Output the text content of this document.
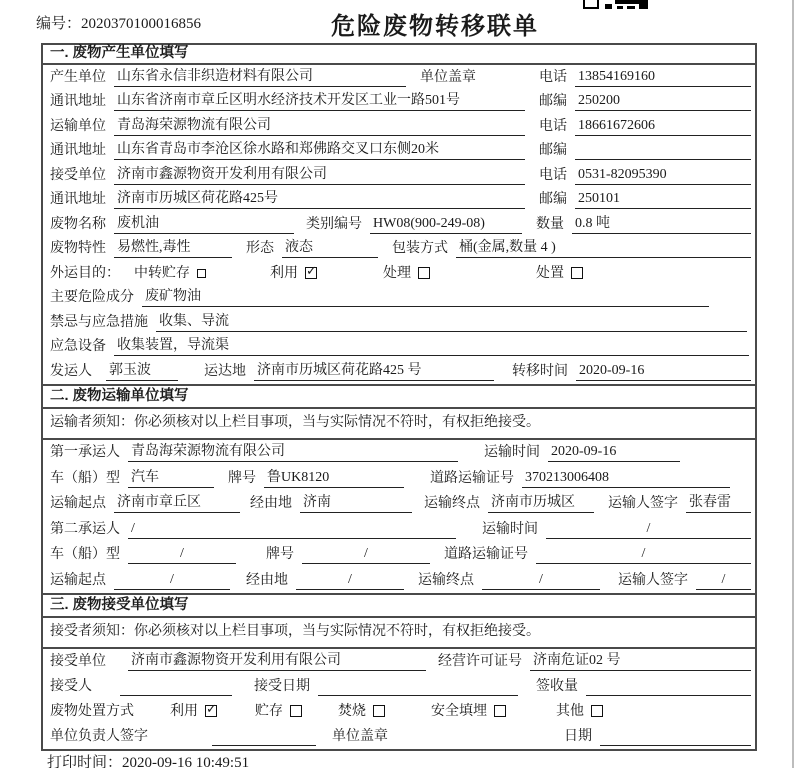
编号：2020370100016856	危险废物转移联单
一. 废物产生单位填写
产生单位 山东省永信非织造材料有限公司	单位盖章	电话 13854169160
通讯地址 山东省济南市章丘区明水经济技术开发区工业一路501号	邮编 250200
运输单位 青岛海荣源物流有限公司	电话 18661672606
通讯地址 山东省青岛市李沧区徐水路和郑佛路交叉口东侧20米	邮编
接受单位 济南市鑫源物资开发利用有限公司	电话 0531-82095390
通讯地址 济南市历城区荷花路425号	邮编 250101
废物名称 废机油	类别编号 HW08(900-249-08)	数量 0.8 吨
废物特性 易燃性,毒性	形态 液态	包装方式 桶(金属,数量 4 )
外运目的： 中转贮存	利用 ✓	处理	处置
主要危险成分 废矿物油
禁忌与应急措施 收集、导流
应急设备 收集装置，导流渠
发运人 郭玉波	运达地 济南市历城区荷花路425 号	转移时间 2020-09-16
二. 废物运输单位填写
运输者须知：你必须核对以上栏目事项，当与实际情况不符时，有权拒绝接受。
第一承运人 青岛海荣源物流有限公司	运输时间 2020-09-16
车（船）型 汽车	牌号 鲁UK8120	道路运输证号 370213006408
运输起点 济南市章丘区	经由地 济南	运输终点 济南市历城区	运输人签字 张春雷
第二承运人 /	运输时间	/
车（船）型	/	牌号	/	道路运输证号	/
运输起点	/	经由地	/	运输终点	/	运输人签字	/
三. 废物接受单位填写
接受者须知：你必须核对以上栏目事项，当与实际情况不符时，有权拒绝接受。
接受单位 济南市鑫源物资开发利用有限公司	经营许可证号 济南危证02 号
接受人	接受日期	签收量
废物处置方式	利用 ✓	贮存	焚烧	安全填埋	其他
单位负责人签字	单位盖章	日期
打印时间：2020-09-16 10:49:51
